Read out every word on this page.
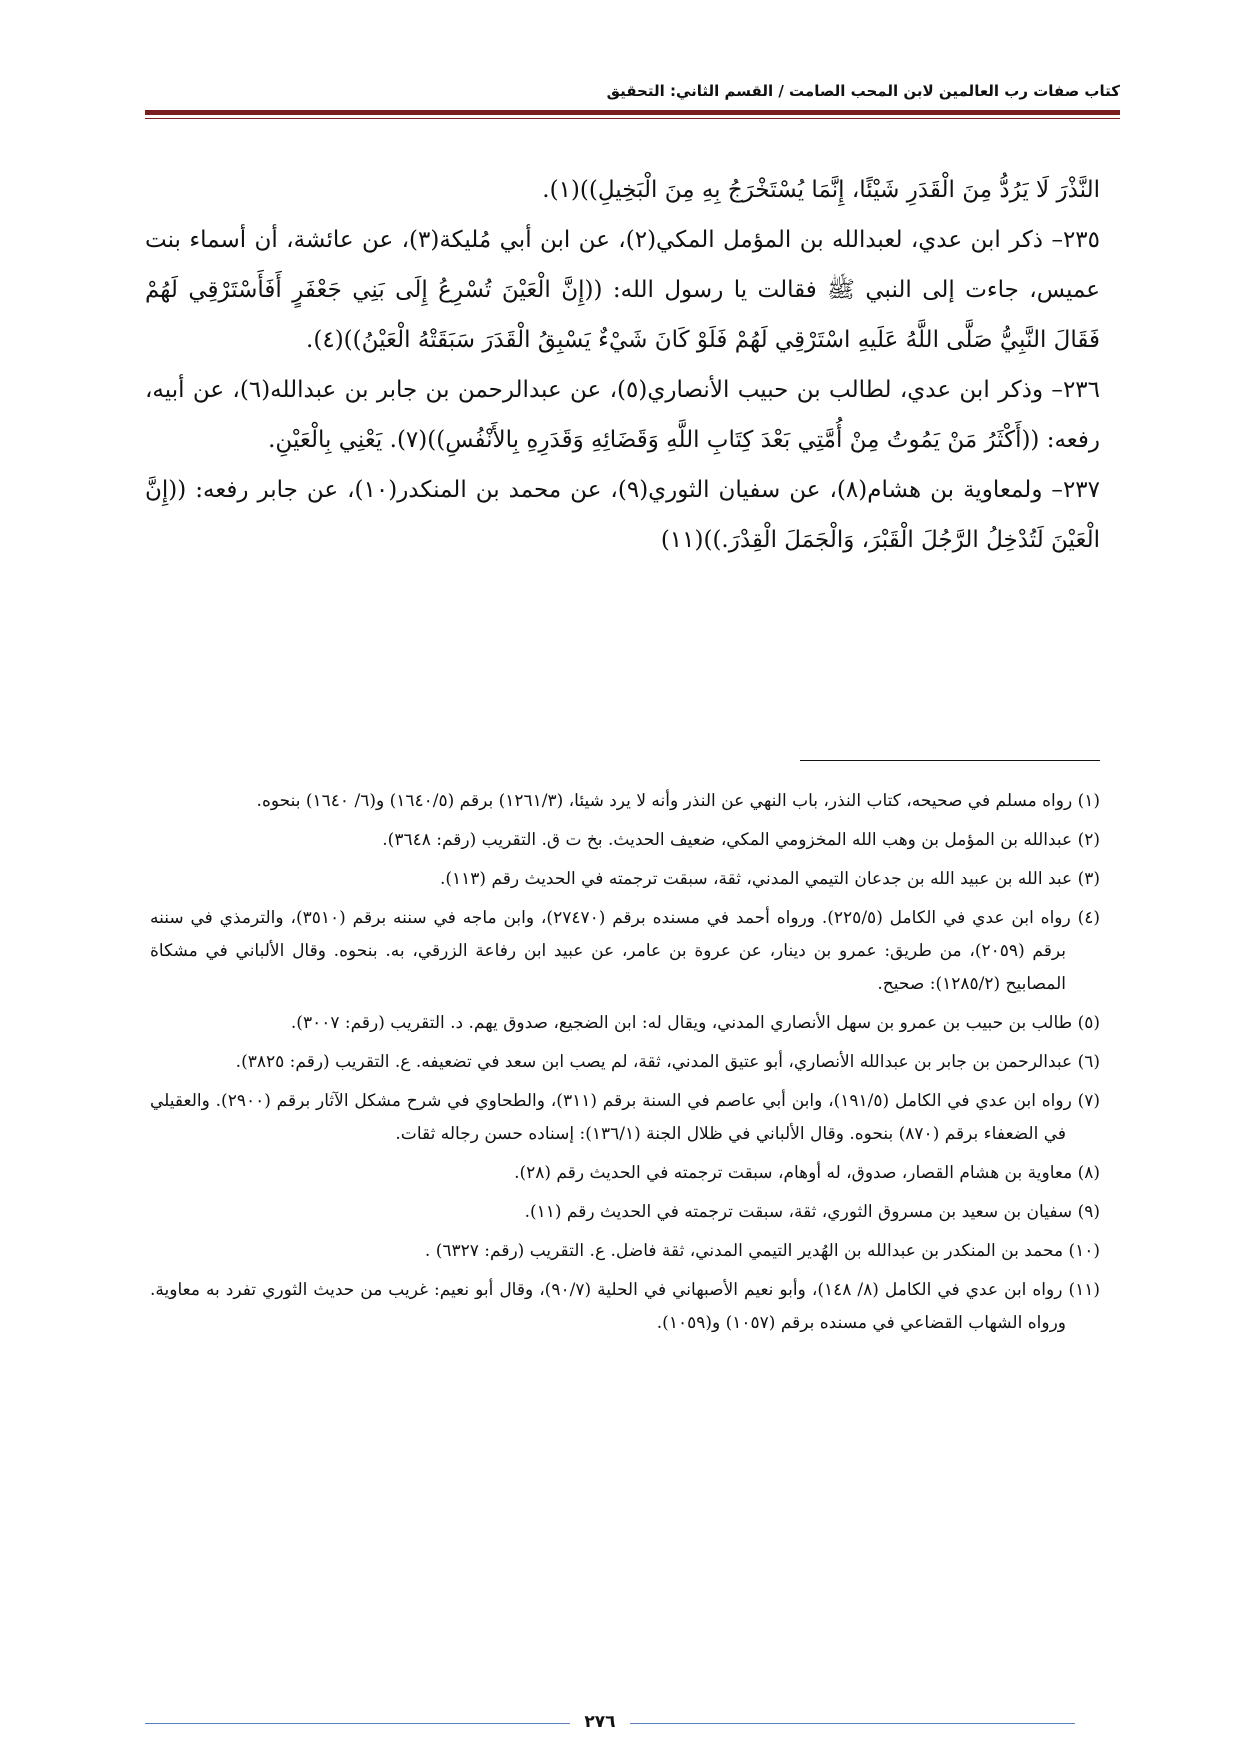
كتاب صفات رب العالمين لابن المحب الصامت / القسم الثاني: التحقيق

النَّذْرَ لَا يَرُدُّ مِنَ الْقَدَرِ شَيْئًا، إِنَّمَا يُسْتَخْرَجُ بِهِ مِنَ الْبَخِيلِ))(١).

٢٣٥– ذكر ابن عدي، لعبدالله بن المؤمل المكي(٢)، عن ابن أبي مُليكة(٣)، عن عائشة، أن أسماء بنت عميس، جاءت إلى النبي ﷺ فقالت يا رسول الله: ((إِنَّ الْعَيْنَ تُسْرِعُ إِلَى بَنِي جَعْفَرٍ أَفَأَسْتَرْقِي لَهُمْ فَقَالَ النَّبِيُّ صَلَّى اللَّهُ عَلَيهِ اسْتَرْقِي لَهُمْ فَلَوْ كَانَ شَيْءٌ يَسْبِقُ الْقَدَرَ سَبَقَتْهُ الْعَيْنُ))(٤).

٢٣٦– وذكر ابن عدي، لطالب بن حبيب الأنصاري(٥)، عن عبدالرحمن بن جابر بن عبدالله(٦)، عن أبيه، رفعه: ((أَكْثَرُ مَنْ يَمُوتُ مِنْ أُمَّتِي بَعْدَ كِتَابِ اللَّهِ وَقَضَائِهِ وَقَدَرِهِ بِالأَنْفُسِ))(٧). يَعْنِي بِالْعَيْنِ.

٢٣٧– ولمعاوية بن هشام(٨)، عن سفيان الثوري(٩)، عن محمد بن المنكدر(١٠)، عن جابر رفعه: ((إِنَّ الْعَيْنَ لَتُدْخِلُ الرَّجُلَ الْقَبْرَ، وَالْجَمَلَ الْقِدْرَ.))(١١)

(١) رواه مسلم في صحيحه، كتاب النذر، باب النهي عن النذر وأنه لا يرد شيئا، (١٢٦١/٣) برقم (١٦٤٠/٥) و(٦/ ١٦٤٠) بنحوه.

(٢) عبدالله بن المؤمل بن وهب الله المخزومي المكي، ضعيف الحديث. بخ ت ق. التقريب (رقم: ٣٦٤٨).

(٣) عبد الله بن عبيد الله بن جدعان التيمي المدني، ثقة، سبقت ترجمته في الحديث رقم (١١٣).

(٤) رواه ابن عدي في الكامل (٢٢٥/٥). ورواه أحمد في مسنده برقم (٢٧٤٧٠)، وابن ماجه في سننه برقم (٣٥١٠)، والترمذي في سننه برقم (٢٠٥٩)، من طريق: عمرو بن دينار، عن عروة بن عامر، عن عبيد ابن رفاعة الزرقي، به. بنحوه. وقال الألباني في مشكاة المصابيح (١٢٨٥/٢): صحيح.

(٥) طالب بن حبيب بن عمرو بن سهل الأنصاري المدني، ويقال له: ابن الضجيع، صدوق يهم. د. التقريب (رقم: ٣٠٠٧).

(٦) عبدالرحمن بن جابر بن عبدالله الأنصاري، أبو عتيق المدني، ثقة، لم يصب ابن سعد في تضعيفه. ع. التقريب (رقم: ٣٨٢٥).

(٧) رواه ابن عدي في الكامل (١٩١/٥)، وابن أبي عاصم في السنة برقم (٣١١)، والطحاوي في شرح مشكل الآثار برقم (٢٩٠٠). والعقيلي في الضعفاء برقم (٨٧٠) بنحوه. وقال الألباني في ظلال الجنة (١٣٦/١): إسناده حسن رجاله ثقات.

(٨) معاوية بن هشام القصار، صدوق، له أوهام، سبقت ترجمته في الحديث رقم (٢٨).

(٩) سفيان بن سعيد بن مسروق الثوري، ثقة، سبقت ترجمته في الحديث رقم (١١).

(١٠) محمد بن المنكدر بن عبدالله بن الهُدير التيمي المدني، ثقة فاضل. ع. التقريب (رقم: ٦٣٢٧) .

(١١) رواه ابن عدي في الكامل (٨/ ١٤٨)، وأبو نعيم الأصبهاني في الحلية (٩٠/٧)، وقال أبو نعيم: غريب من حديث الثوري تفرد به معاوية. ورواه الشهاب القضاعي في مسنده برقم (١٠٥٧) و(١٠٥٩).

٢٧٦
